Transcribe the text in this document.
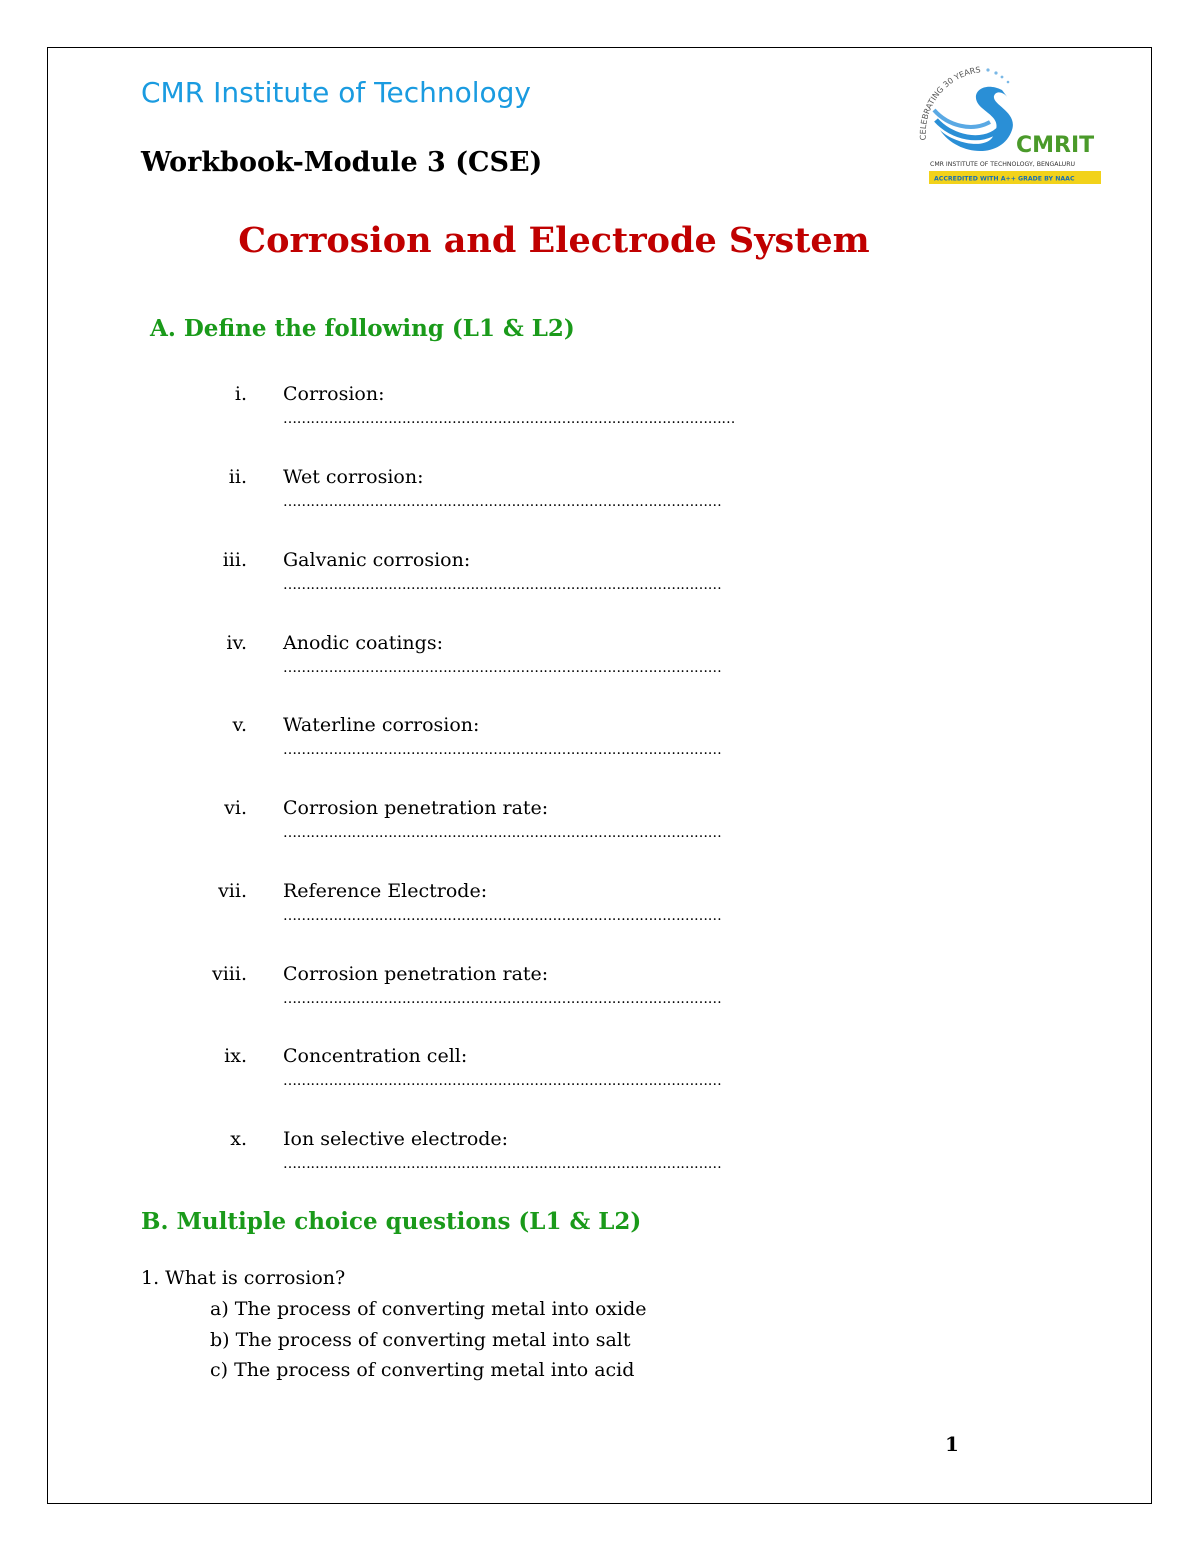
CMR Institute of Technology
Workbook-Module 3 (CSE)
CELEBRATING 30 YEARS
CMRIT
CMR INSTITUTE OF TECHNOLOGY, BENGALURU
ACCREDITED WITH A++ GRADE BY NAAC
Corrosion and Electrode System
A. Define the following (L1 & L2)
i. Corrosion:
………………………………………………………………………………………
ii. Wet corrosion:
……………………………………………………………………………………
iii. Galvanic corrosion:
……………………………………………………………………………………
iv. Anodic coatings:
……………………………………………………………………………………
v. Waterline corrosion:
……………………………………………………………………………………
vi. Corrosion penetration rate:
……………………………………………………………………………………
vii. Reference Electrode:
……………………………………………………………………………………
viii. Corrosion penetration rate:
……………………………………………………………………………………
ix. Concentration cell:
……………………………………………………………………………………
x. Ion selective electrode:
……………………………………………………………………………………
B. Multiple choice questions (L1 & L2)
1. What is corrosion?
a) The process of converting metal into oxide
b) The process of converting metal into salt
c) The process of converting metal into acid
1
